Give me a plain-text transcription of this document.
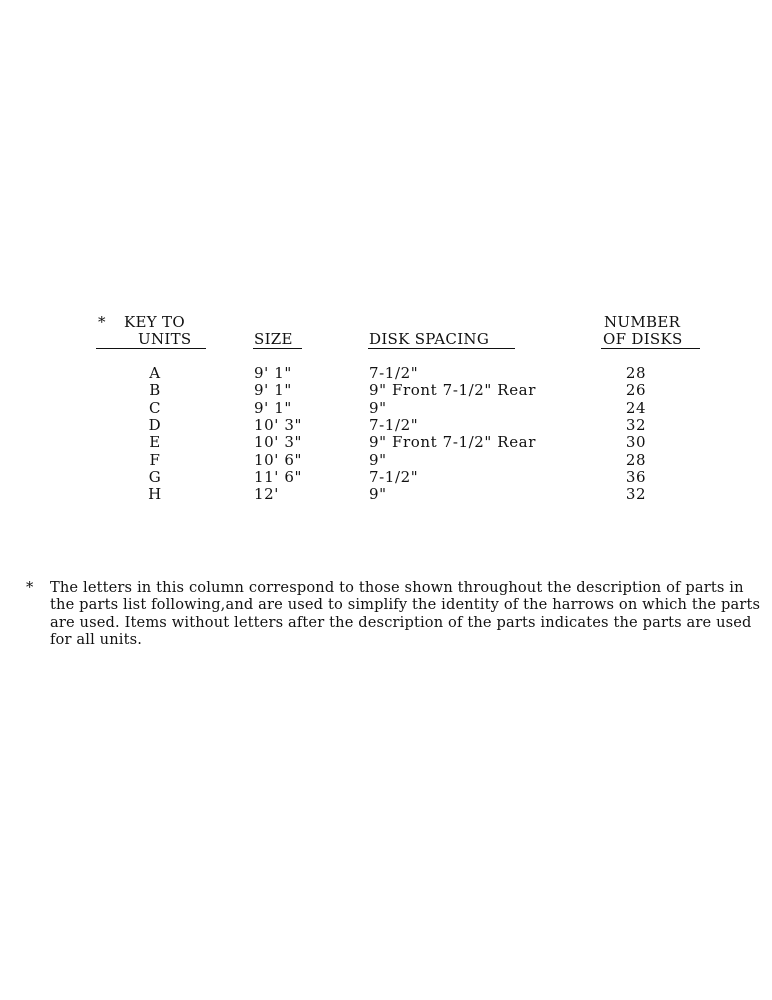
* KEY TO
UNITS	SIZE	DISK SPACING
NUMBER
OF DISKS
A	9' 1"	7-1/2"	28
B	9' 1"	9" Front 7-1/2" Rear	26
C	9' 1"	9"	24
D	10' 3"	7-1/2"	32
E	10' 3"	9" Front 7-1/2" Rear	30
F	10' 6"	9"	28
G	11' 6"	7-1/2"	36
H	12'	9"	32
* The letters in this column correspond to those shown throughout the description of parts in the parts list following,and are used to simplify the identity of the harrows on which the parts are used. Items without letters after the description of the parts indicates the parts are used for all units.
